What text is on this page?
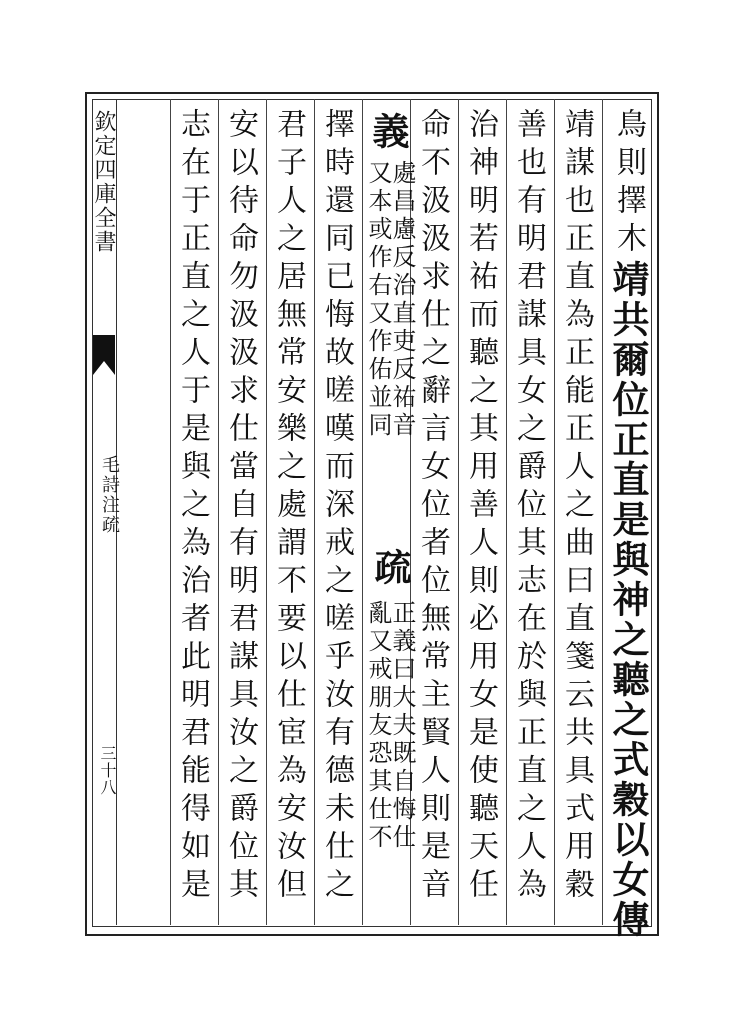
欽定四庫全書
毛詩注疏
三十八
鳥則擇木靖共爾位正直是與神之聽之式穀以女傳
靖謀也正直為正能正人之曲曰直箋云共具式用穀
善也有明君謀具女之爵位其志在於與正直之人為
治神明若祐而聽之其用善人則必用女是使聽天任
命不汲汲求仕之辭言女位者位無常主賢人則是音
義
處昌慮反治直吏反祐音
又本或作右又作佑並同
疏
正義曰大夫既自悔仕
亂又戒朋友恐其仕不
擇時還同已悔故嗟嘆而深戒之嗟乎汝有德未仕之
君子人之居無常安樂之處謂不要以仕宦為安汝但
安以待命勿汲汲求仕當自有明君謀具汝之爵位其
志在于正直之人于是與之為治者此明君能得如是
